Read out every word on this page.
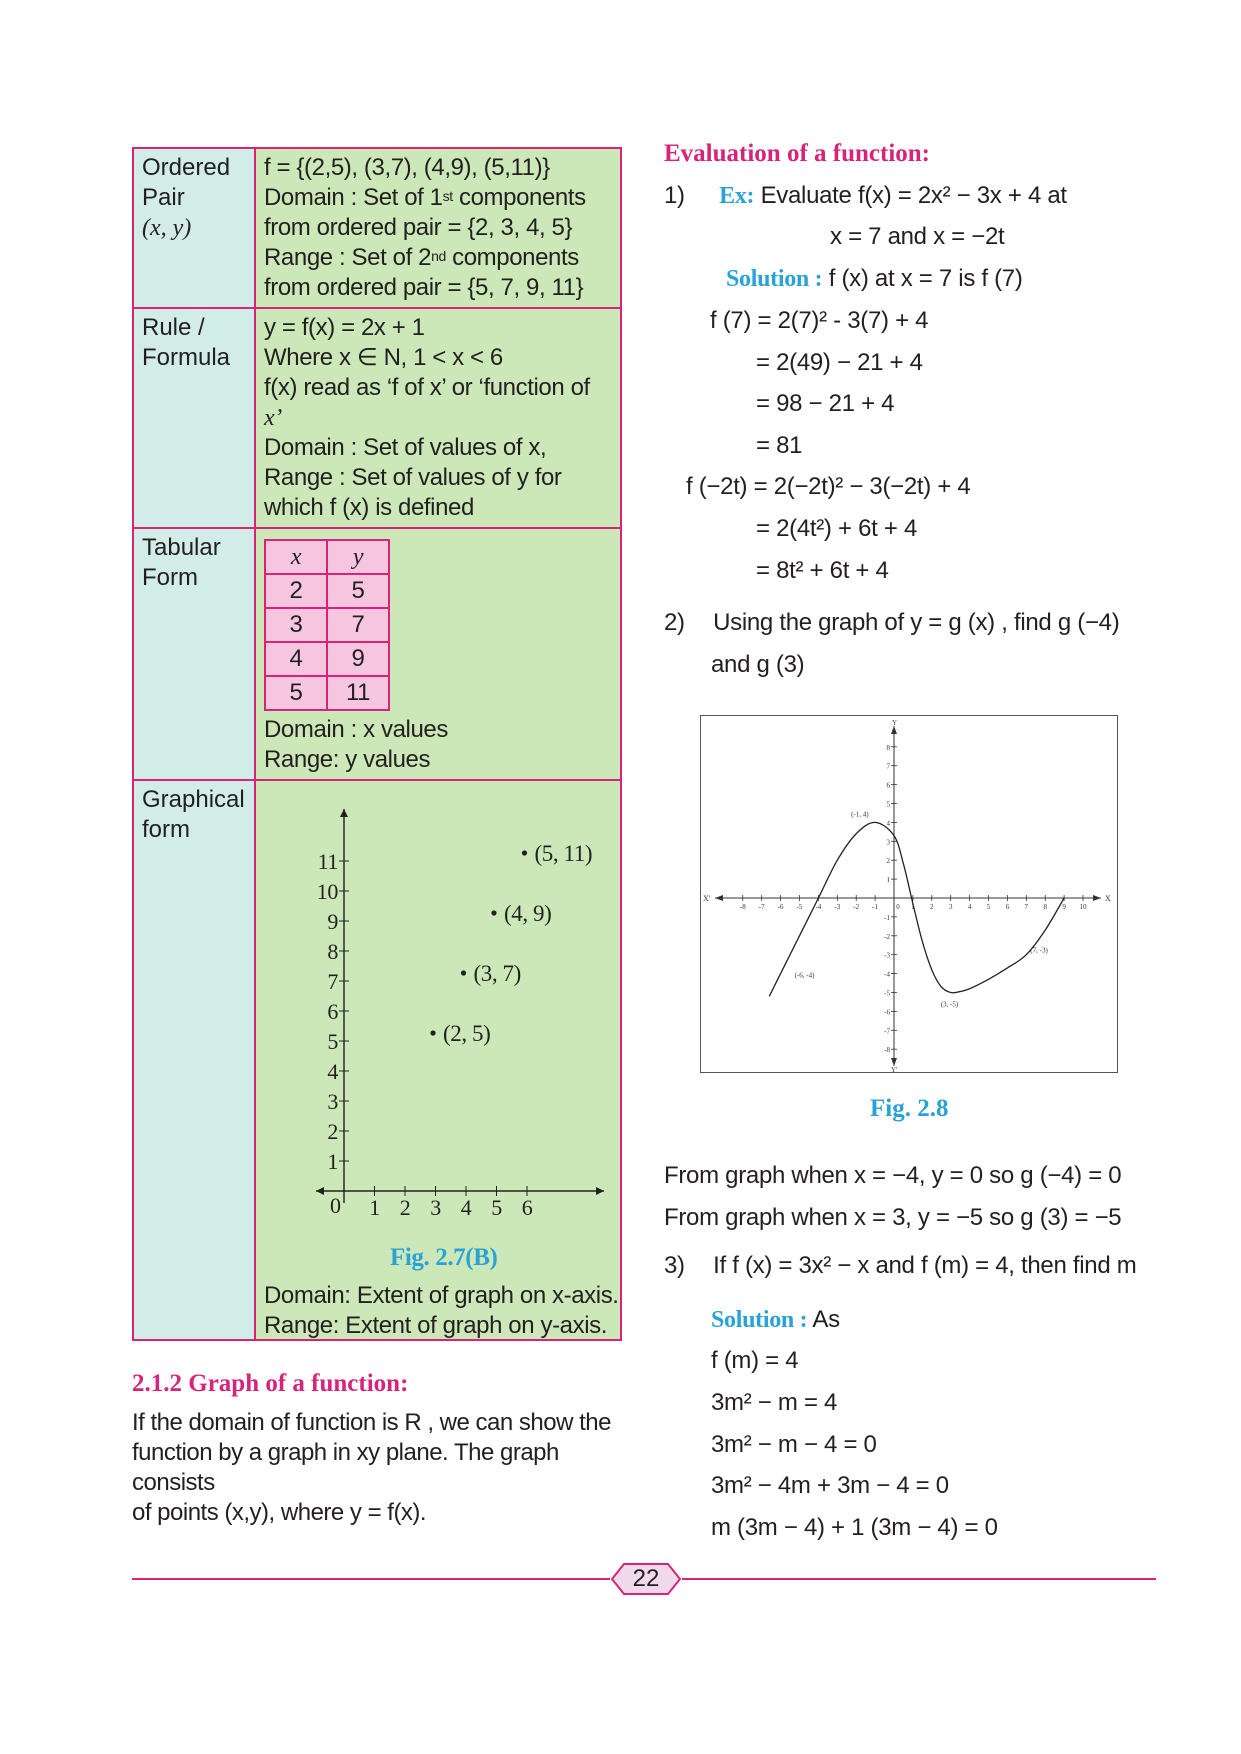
Ordered
Pair
(x, y)

f = {(2,5), (3,7), (4,9), (5,11)}
Domain : Set of 1st components
from ordered pair = {2, 3, 4, 5}
Range : Set of 2nd components
from ordered pair = {5, 7, 9, 11}

Rule /
Formula

y = f(x) = 2x + 1
Where x ∈ N, 1 < x < 6
f(x) read as ‘f of x’ or ‘function of
x’
Domain : Set of values of x,
Range : Set of values of y for
which f (x) is defined

Tabular
Form

x	y
2	5
3	7
4	9
5	11
Domain : x values
Range: y values

Graphical
form

1 2 3 4 5 6
1
2
3
4
5
6
7
8
9
10
11
0
(2, 5)
(3, 7)
(4, 9)
(5, 11)
Fig. 2.7(B)
Domain: Extent of graph on x-axis.
Range: Extent of graph on y-axis.
2.1.2 Graph of a function:
If the domain of function is R , we can show the
function by a graph in xy plane. The graph consists
of points (x,y), where y = f(x).
Evaluation of a function:
1) Ex: Evaluate f(x) = 2x² − 3x + 4 at
x = 7 and x = −2t
Solution : f (x) at x = 7 is f (7)
f (7) = 2(7)² - 3(7) + 4
= 2(49) − 21 + 4
= 98 − 21 + 4
= 81
f (−2t) = 2(−2t)² − 3(−2t) + 4
= 2(4t²) + 6t + 4
= 8t² + 6t + 4
2) Using the graph of y = g (x) , find g (−4)
and g (3)
X
X'
Y
Y'
-8 -7 -6 -5 -4 -3 -2 -1	0 1 2 3 4 5 6 7 8 9 10
-8
-7
-6
-5
-4
-3
-2
-1
1
2
3
4
5
6
7
8
(-1, 4)
(-6, -4)
(3, -5)
(7, -3)
Fig. 2.8
From graph when x = −4, y = 0 so g (−4) = 0
From graph when x = 3, y = −5 so g (3) = −5
3) If f (x) = 3x² − x and f (m) = 4, then find m
Solution : As
f (m) = 4
3m² − m = 4
3m² − m − 4 = 0
3m² − 4m + 3m − 4 = 0
m (3m − 4) + 1 (3m − 4) = 0
22
